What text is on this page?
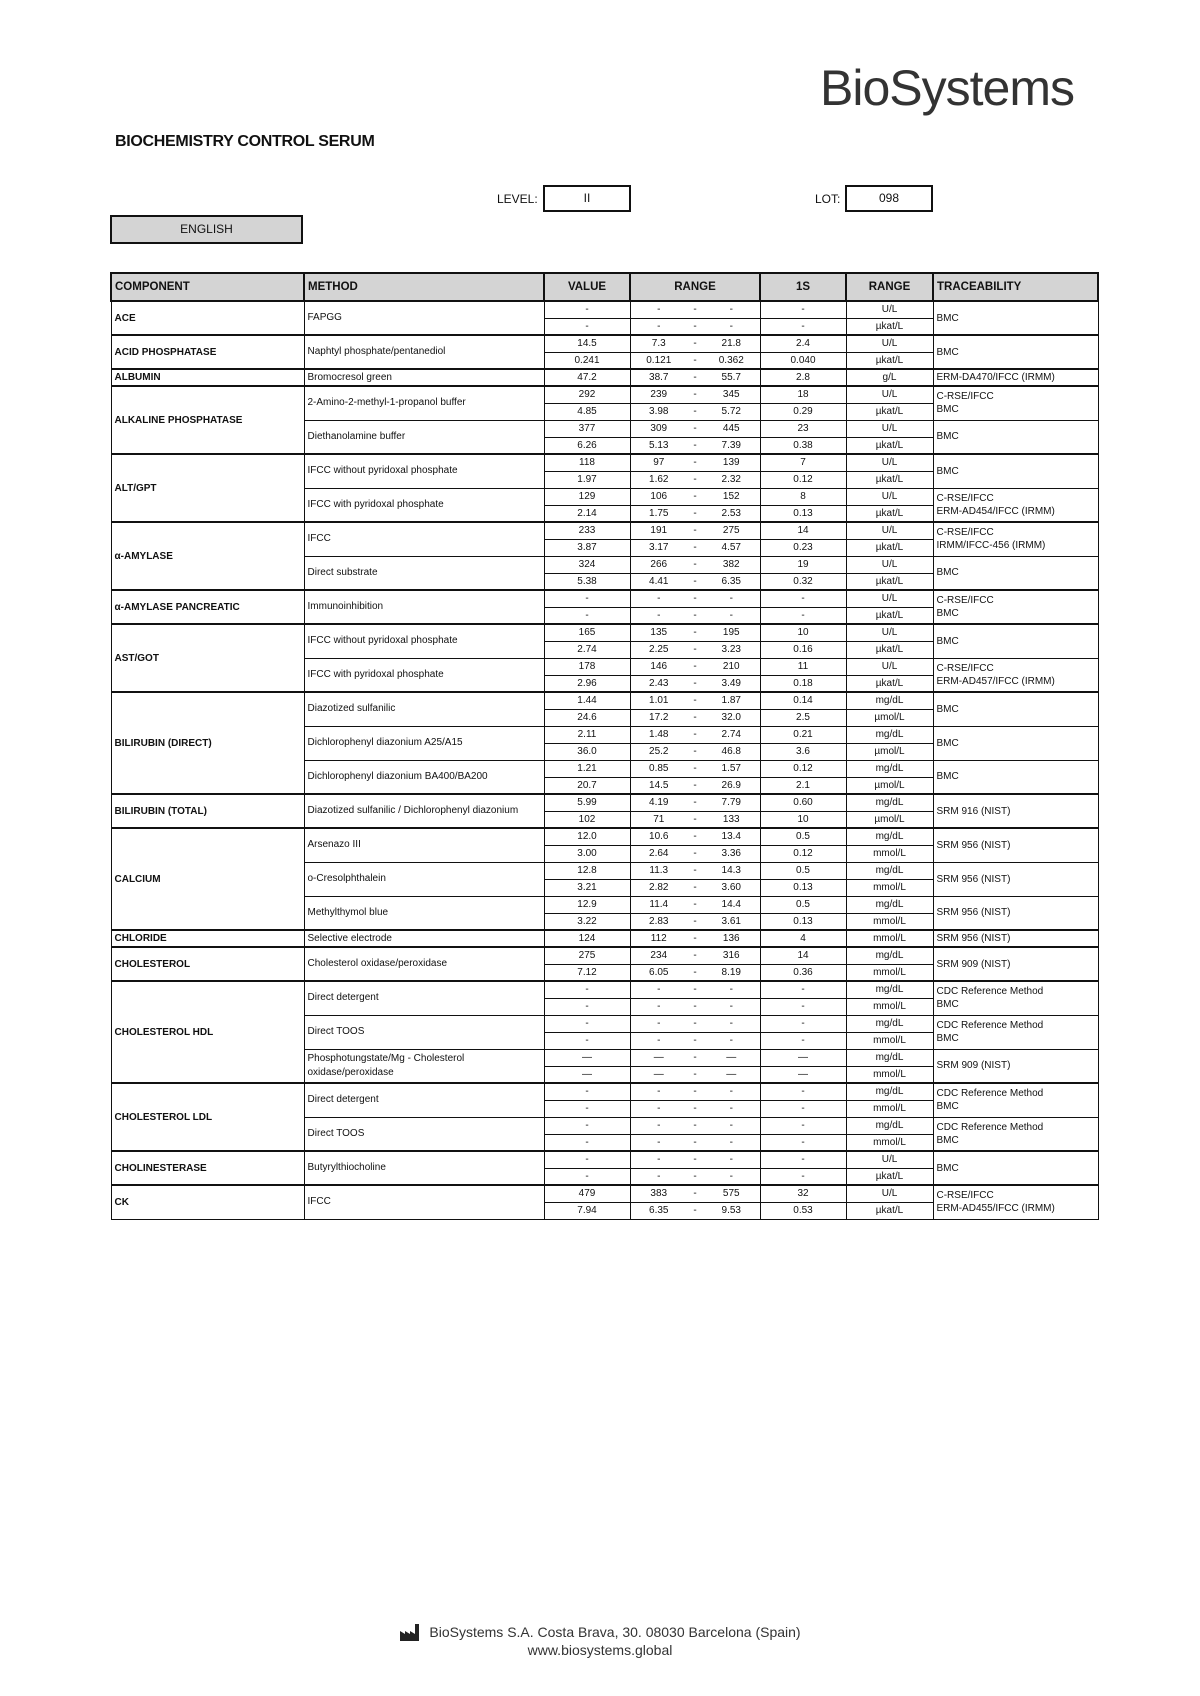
BioSystems
BIOCHEMISTRY CONTROL SERUM
LEVEL:	II	LOT:	098
ENGLISH
COMPONENT	METHOD	VALUE	RANGE	1S	RANGE	TRACEABILITY
ACE	FAPGG	-	- - -	-	U/L	BMC

		-	- - -	-	µkat/L	
ACID PHOSPHATASE	Naphtyl phosphate/pentanediol	14.5	7.3 - 21.8	2.4	U/L	BMC

		0.241	0.121 - 0.362	0.040	µkat/L	
ALBUMIN	Bromocresol green	47.2	38.7 - 55.7	2.8	g/L	ERM-DA470/IFCC (IRMM)

ALKALINE PHOSPHATASE	2-Amino-2-methyl-1-propanol buffer	292	239 - 345	18	U/L	C-RSE/IFCC
BMC

		4.85	3.98 - 5.72	0.29	µkat/L	
	Diethanolamine buffer	377	309 - 445	23	U/L	BMC

		6.26	5.13 - 7.39	0.38	µkat/L	
ALT/GPT	IFCC without pyridoxal phosphate	118	97 - 139	7	U/L	BMC

		1.97	1.62 - 2.32	0.12	µkat/L	
	IFCC with pyridoxal phosphate	129	106 - 152	8	U/L	C-RSE/IFCC
ERM-AD454/IFCC (IRMM)

		2.14	1.75 - 2.53	0.13	µkat/L	
α-AMYLASE	IFCC	233	191 - 275	14	U/L	C-RSE/IFCC
IRMM/IFCC-456 (IRMM)

		3.87	3.17 - 4.57	0.23	µkat/L	
	Direct substrate	324	266 - 382	19	U/L	BMC

		5.38	4.41 - 6.35	0.32	µkat/L	
α-AMYLASE PANCREATIC	Immunoinhibition	-	- - -	-	U/L	C-RSE/IFCC
BMC

		-	- - -	-	µkat/L	
AST/GOT	IFCC without pyridoxal phosphate	165	135 - 195	10	U/L	BMC

		2.74	2.25 - 3.23	0.16	µkat/L	
	IFCC with pyridoxal phosphate	178	146 - 210	11	U/L	C-RSE/IFCC
ERM-AD457/IFCC (IRMM)

		2.96	2.43 - 3.49	0.18	µkat/L	
BILIRUBIN (DIRECT)	Diazotized sulfanilic	1.44	1.01 - 1.87	0.14	mg/dL	BMC

		24.6	17.2 - 32.0	2.5	µmol/L	
	Dichlorophenyl diazonium A25/A15	2.11	1.48 - 2.74	0.21	mg/dL	BMC

		36.0	25.2 - 46.8	3.6	µmol/L	
	Dichlorophenyl diazonium BA400/BA200	1.21	0.85 - 1.57	0.12	mg/dL	BMC

		20.7	14.5 - 26.9	2.1	µmol/L	
BILIRUBIN (TOTAL)	Diazotized sulfanilic / Dichlorophenyl diazonium	5.99	4.19 - 7.79	0.60	mg/dL	SRM 916 (NIST)

		102	71 - 133	10	µmol/L	
CALCIUM	Arsenazo III	12.0	10.6 - 13.4	0.5	mg/dL	SRM 956 (NIST)

		3.00	2.64 - 3.36	0.12	mmol/L	
	o-Cresolphthalein	12.8	11.3 - 14.3	0.5	mg/dL	SRM 956 (NIST)

		3.21	2.82 - 3.60	0.13	mmol/L	
	Methylthymol blue	12.9	11.4 - 14.4	0.5	mg/dL	SRM 956 (NIST)

		3.22	2.83 - 3.61	0.13	mmol/L	
CHLORIDE	Selective electrode	124	112 - 136	4	mmol/L	SRM 956 (NIST)

CHOLESTEROL	Cholesterol oxidase/peroxidase	275	234 - 316	14	mg/dL	SRM 909 (NIST)

		7.12	6.05 - 8.19	0.36	mmol/L	
CHOLESTEROL HDL	Direct detergent	-	- - -	-	mg/dL	CDC Reference Method
BMC

		-	- - -	-	mmol/L	
	Direct TOOS	-	- - -	-	mg/dL	CDC Reference Method
BMC

		-	- - -	-	mmol/L	
	Phosphotungstate/Mg - Cholesterol oxidase/peroxidase	—	— - —	—	mg/dL	SRM 909 (NIST)

		—	— - —	—	mmol/L	
CHOLESTEROL LDL	Direct detergent	-	- - -	-	mg/dL	CDC Reference Method
BMC

		-	- - -	-	mmol/L	
	Direct TOOS	-	- - -	-	mg/dL	CDC Reference Method
BMC

		-	- - -	-	mmol/L	
CHOLINESTERASE	Butyrylthiocholine	-	- - -	-	U/L	BMC

		-	- - -	-	µkat/L	
CK	IFCC	479	383 - 575	32	U/L	C-RSE/IFCC
ERM-AD455/IFCC (IRMM)

		7.94	6.35 - 9.53	0.53	µkat/L	
BioSystems S.A. Costa Brava, 30. 08030 Barcelona (Spain)
www.biosystems.global
